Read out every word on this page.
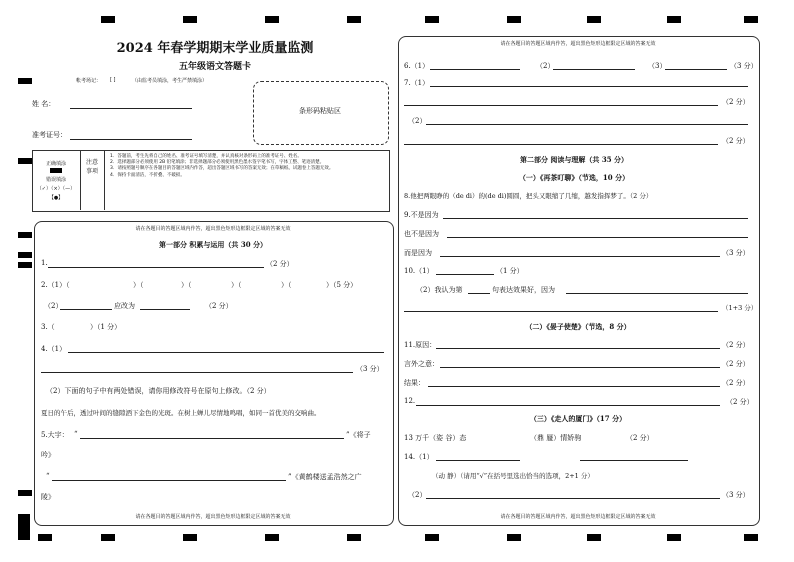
2024 年春学期期末学业质量监测
五年级语文答题卡
帐考场记： [ ]	（由监考员填涂，考生严禁填涂）
姓 名：
准考证号：
条形码粘贴区
正确填涂
错误填涂
（✓）（×）（—）
【●】
注意事项
1．答题前，考生先将自己的姓名、准考证号填写清楚，并认真核对条形码上的准考证号、姓名。
2．选择题部分必须使用 2B 铅笔填涂；非选择题部分必须使用黑色墨水签字笔书写，字体工整、笔迹清楚。
3．请按照题号顺序在各题目的答题区域内作答，超出答题区域书写的答案无效；在草稿纸、试题卷上答题无效。
4．保持卡面清洁，不折叠、不破损。
请在各题目的答题区域内作答，超出黑色矩形边框限定区域的答案无效
请在各题目的答题区域内作答，超出黑色矩形边框限定区域的答案无效
第一部分 积累与运用（共 30 分）
1.	（2 分）
2.（1）（	）（	）（	）（	）（	）（5 分）
（2）	应改为	（2 分）
3.（	）（1 分）
4.（1）
（3 分）
（2）下面的句子中有两处错误，请你用修改符号在原句上修改。（2 分）
夏日的午后，透过叶间的缝隙洒下金色的光斑。在树上蝉儿尽情地鸣唱，如同一首优美的交响曲。
5.大宇： “	”《将子
吟》
“	”《黄鹤楼送孟浩然之广
陵》
请在各题目的答题区域内作答，超出黑色矩形边框限定区域的答案无效
请在各题目的答题区域内作答，超出黑色矩形边框限定区域的答案无效
6.（1）	（2）	（3）	（3 分）
7.（1）
（2 分）
（2）
（2 分）
第二部分 阅读与理解（共 35 分）
（一）《再茶叮聊》（节选，10 分）
8.他把两眼睁的（de di）的(de di)圆圆，把头又眼缩了几缩，越发指挥梦了。（2 分）
9.不是因为
也不是因为
而是因为	（3 分）
10.（1）	（1 分）
（2）我认为第	句表达效果好，因为
（1+3 分）
（二）《晏子使楚》（节选，8 分）
11.原因：	（2 分）
言外之意：	（2 分）
结果：	（2 分）
12.	（2 分）
（三）《走人的厦门》（17 分）
13 万千（姿 谷）态	（鼎 蜃）情娇驹	（2 分）
14.（1）
（动 静）（请用“√”在括号里选出恰当的选项，2+1 分）
（2）	（3 分）
